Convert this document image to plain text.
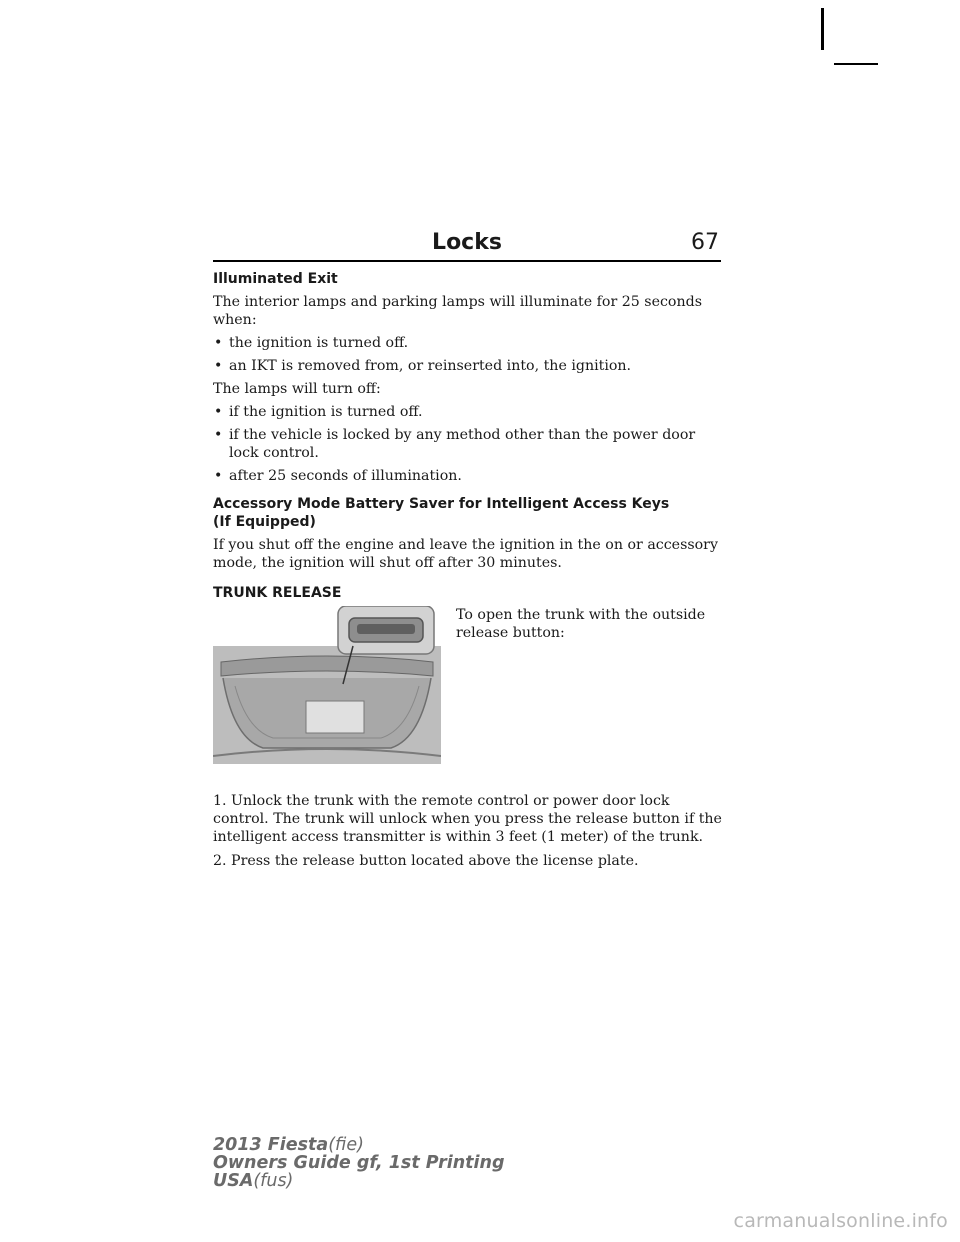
Locks	67
Illuminated Exit

The interior lamps and parking lamps will illuminate for 25 seconds when:

• the ignition is turned off.
• an IKT is removed from, or reinserted into, the ignition.

The lamps will turn off:

• if the ignition is turned off.
• if the vehicle is locked by any method other than the power door lock control.
• after 25 seconds of illumination.
Accessory Mode Battery Saver for Intelligent Access Keys (If Equipped)

If you shut off the engine and leave the ignition in the on or accessory mode, the ignition will shut off after 30 minutes.

TRUNK RELEASE
To open the trunk with the outside release button:

1. Unlock the trunk with the remote control or power door lock control. The trunk will unlock when you press the release button if the intelligent access transmitter is within 3 feet (1 meter) of the trunk.

2. Press the release button located above the license plate.

2013 Fiesta(fie)
Owners Guide gf, 1st Printing
USA(fus)
carmanualsonline.info
